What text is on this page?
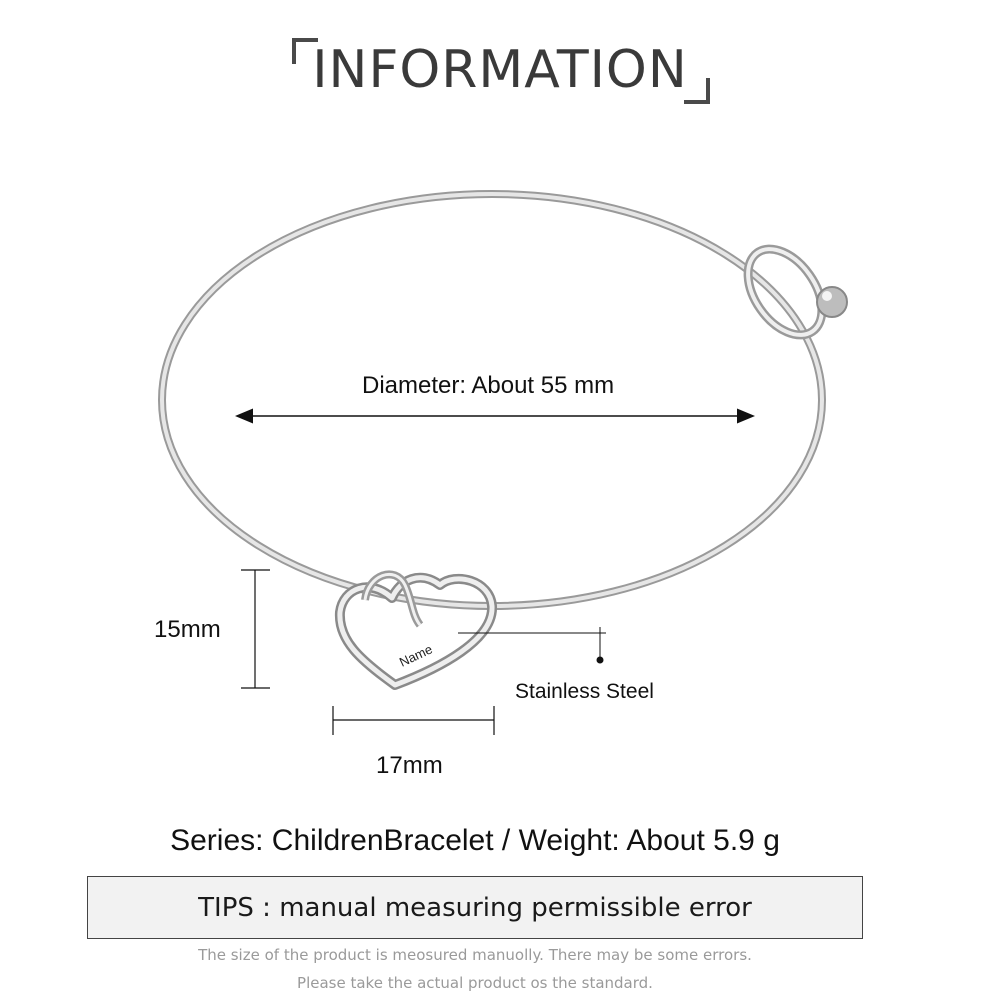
INFORMATION
Name
Diameter: About 55 mm
15mm
17mm
Stainless Steel
Series: ChildrenBracelet / Weight: About 5.9 g
TIPS : manual measuring permissible error
The size of the product is meosured manuolly. There may be some errors.
Please take the actual product os the standard.
